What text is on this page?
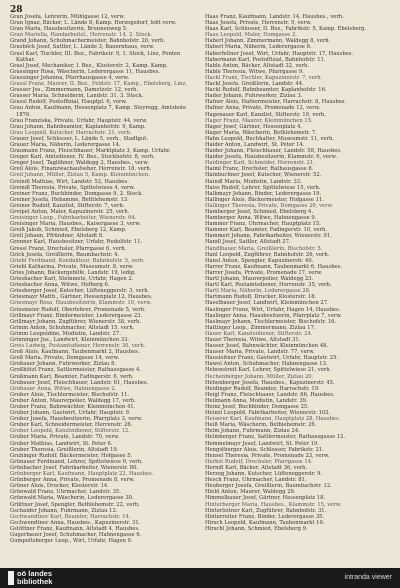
28

Gran Josefa, Lehrerin, Mühlgasse 12, verw.

Gran Ignaz, Bäcker, L. Lände 8, Kamp. Herzogsdorf, lebt verw.

Gran Maria, Hausbesitzerin, Brunnenweg 5.

Gran Mariella, Handarbeitsl., Herrenstr. 14, 2. Stock.

Grand Johann, Schuhmachermeister, Bahnhofstr. 20, verh.

Grasböck Josef, Sattler, L. Lände 3, Bauernhaus, verw.

Grasl Karl, Tischler, III. Bez., Fabrikstr. 9, 1. Stock, Linz, Ponten Kathar.

Grasl Josef, Mechaniker, I. Bez., Klosterstr. 2, Kamp. Kamp.

Grassinger Rosa, Wäscherin, Lederergasse 11, Hausbes.

Grassinger Johanna, Pfarrhausgasse 4, verw.

Grassl Franz, Maurer, II. Bez., Feldstr. 17, Kamp., Ebelsberg, Linz.

Grasser Jos., Zimmermann, Dametzstr. 12, verh.

Grasser Maria, Schneiderin, Landstr. 31, 3. Stock.

Grassl Rudolf, Postoffizial, Hauptpl. 6, verw.

Grau Anton, Kaufmann, Hessenplatz 7, Kamp. Steyregg, Amtsbote 1876.

Grau Franziska, Private, Urfahr, Hauptstr. 44, verw.

Grau Johann, Bahnbeamter, Kaplanhofstr. 9, Kamp.

Grau Leopold, Kutscher, Harrachstr. 21, verh.

Grauer Josef, Schlosser, L. Lände 5, verh., Stadtgut.

Grauer Maria, Näherin, Lederergasse 14.

Graumann Franz, Fleischhauer, Marktplatz 3, Kamp. Urfahr.

Greger Karl, Amtsdiener, IV. Bez., Stockhofstr. 8, verh.

Greger Josef, Taglöhner, Waldegg 2, Hausbes., verw.

Greil Alois, Finanzwachaufseher, Herrenstr. 18, verh.

Greil Johann, Müller, Zizlau 5, Kamp. Kleinmünchen.

Greindl Mathias, Wirt, Landstr. 52, Hausbes.

Greindl Theresia, Private, Spittelwiese 4, verw.

Greiner Franz, Buchbinder, Domgasse 9, 2. Stock.

Greiner Josefa, Hebamme, Bethlehemstr. 13.

Greiner Rudolf, Kanzlist, Stifterstr. 7, verh.

Greipel Anton, Maler, Kapuzinerstr. 25, verh.

Greisinger Leop., Fabrikarbeiter, Wienerstr. 64.

Greisinger Maria, Hausbes., Kaisergasse 3, verw.

Greiß Jakob, Schmied, Ebelsberg 12, Kamp.

Grell Johann, Pfründner, Altstadt 8.

Grenner Karl, Hausbesitzer, Urfahr, Rudolfstr. 11.

Gressl Franz, Drechsler, Pfarrgasse 6, verh.

Grick Josefa, Greißlerin, Baumbachstr. 4.

Griebl Ferdinand, Kondukteur, Bahnhofstr. 5, verh.

Griebl Katharina, Private, Museumstr. 8, verw.

Gries Johann, Bäckergehilfe, Landstr. 19, ledig.

Griesbacher Karl, Steinmetz, Urfahr, Hagen 2.

Griesbacher Anna, Witwe, Hofberg 6.

Griesberger Josef, Kutscher, Lüfteneggerstr. 3, verh.

Griesmayr Matth., Gärtner, Hessenplatz 12, Hausbes.

Griesmayr Rosa, Hausbesitzerin, Klammstr. 10, verw.

Griesmeier Rudolf, Oberlehrer, Promenade 5, verh.

Grillmayr Franz, Bindermeister, Lederergasse 23.

Grillmayr Johann, Zugführer, Wienerstr. 38, verh.

Grimm Anton, Schuhmacher, Altstadt 15, verh.

Grimm Leopoldine, Modistin, Landstr. 27.

Grinninger Jos., Landwirt, Kleinmünchen 33.

Grois Ludwig, Postamtsdiener, Herrenstr. 30, verh.

Groß Alois, Kaufmann, Taubenmarkt 2, Hausbes.

Groß Maria, Private, Domgasse 14, verw.

Großauer Johann, Fuhrwerker, Zizlau 8.

Großbötzl Franz, Sattlermeister, Rathausgasse 4.

Großmann Karl, Beamter, Fadingerstr. 6, verh.

Grubauer Josef, Fleischhauer, Landstr. 61, Hausbes.

Grubauer Anna, Witwe, Hahnengasse 2.

Gruber Alois, Tischlermeister, Bischofstr. 11.

Gruber Anton, Maurerpolier, Waldegg 17, verh.

Gruber Franz, Bahnwächter, Kleinmünchen 41.

Gruber Johann, Gastwirt, Urfahr, Hauptstr. 9.

Gruber Josefa, Hausbesitzerin, Pfarrplatz 3, verw.

Gruber Karl, Schneidermeister, Herrenstr. 26.

Gruber Leopold, Kanzleidiener, Stifterstr. 12.

Gruber Maria, Private, Landstr. 70, verw.

Gruber Mathias, Landwirt, St. Peter 6.

Gruber Theresia, Greißlerin, Altstadt 19.

Grubinger Rudolf, Bäckermeister, Hofgasse 5.

Grünauer Ferdinand, Lehrer, Spittelwiese 9, verh.

Grünbacher Josef, Fabrikarbeiter, Wienerstr. 80.

Grünberger Karl, Kaufmann, Hauptplatz 22, Hausbes.

Grünberger Anna, Private, Promenade 8, verw.

Grüner Alois, Drucker, Klosterstr. 14.

Grünwald Franz, Uhrmacher, Landstr. 35.

Grünwald Maria, Wäscherin, Lederergasse 30.

Grüttner Josef, Spengler, Bethlehemstr. 22, verh.

Gschaider Johann, Fuhrmann, Zizlau 12.

Gschwandtner Karl, Beamter, Harrachstr. 14.

Gschwendtner Anna, Hausbes., Kapuzinerstr. 31.

Gstöttner Franz, Kaufmann, Altstadt 4, Hausbes.

Gugerbauer Josef, Schuhmacher, Hahnengasse 6.

Gumpoltsberger Leop., Wirt, Urfahr, Hagen 9.

Haas Franz, Kaufmann, Landstr. 14, Hausbes., verh.

Haas Josefa, Private, Herrenstr. 9, verw.

Haas Karl, Schlosser, II. Bez., Fabrikstr. 5, Kamp. Ebelsberg.

Haas Leopold, Maler, Domgasse 2.

Haberl Johann, Zimmermann, Waldegg 8, verh.

Haberl Maria, Näherin, Lederergasse 6.

Haberfellner Josef, Wirt, Urfahr, Hauptstr. 17, Hausbes.

Habermann Karl, Postoffizial, Bahnhofstr. 11.

Hable Anton, Bäcker, Altstadt 22, verh.

Hable Theresia, Witwe, Pfarrgasse 9.

Hackl Franz, Tischler, Kapuzinerstr. 7, verh.

Hackl Josefa, Greißlerin, Landstr. 44.

Hackl Rudolf, Bahnbeamter, Kaplanhofstr. 16.

Hader Johann, Fuhrwerker, Zizlau 3.

Hafner Alois, Hafnermeister, Harrachstr. 8, Hausbes.

Hafner Anna, Private, Promenade 12, verw.

Hagenauer Karl, Kanzlist, Stifterstr. 19, verh.

Hager Franz, Maurer, Kleinmünchen 15.

Hager Josef, Gärtner, Hessenplatz 4.

Hager Maria, Wäscherin, Bethlehemstr. 7.

Hahn Leopold, Buchhalter, Museumstr. 11, verh.

Haider Anton, Landwirt, St. Peter 14.

Haider Johann, Fleischhauer, Landstr. 58, Hausbes.

Haider Josefa, Hausbesitzerin, Klammstr. 6, verw.

Haidinger Karl, Schneider, Herrenstr. 21.

Haiml Franz, Drechsler, Rathausgasse 8.

Hainbuchner Josef, Kutscher, Wienerstr. 52.

Haindl Maria, Modistin, Landstr. 33.

Haiss Rudolf, Lehrer, Spittelwiese 15, verh.

Halbmayr Johann, Binder, Lederergasse 19.

Hallinger Alois, Bäckermeister, Hofgasse 11.

Hallinger Theresia, Private, Domgasse 20, verw.

Hamberger Josef, Schmied, Ebelsberg 4.

Hamberger Anna, Witwe, Hahnengasse 9.

Hammer Franz, Uhrmacher, Hauptplatz 15.

Hammer Karl, Beamter, Fadingerstr. 10, verh.

Hammerl Johann, Fabrikarbeiter, Wienerstr. 91.

Handl Josef, Sattler, Altstadt 27.

Handlbauer Maria, Greißlerin, Bischofstr. 5.

Hanl Leopold, Zugführer, Bahnhofstr. 26, verh.

Hansl Anton, Spengler, Kapuzinerstr. 40.

Harrer Franz, Kaufmann, Taubenmarkt 6, Hausbes.

Harrer Josefa, Private, Promenade 17, verw.

Hartl Johann, Maurerpolier, Waldegg 23.

Hartl Karl, Postamtsdiener, Herrenstr. 35, verh.

Hartl Maria, Näherin, Lederergasse 28.

Hartmann Rudolf, Drucker, Klosterstr. 18.

Haselbauer Josef, Landwirt, Kleinmünchen 27.

Haslinger Franz, Wirt, Urfahr, Hagen 14, Hausbes.

Haslinger Anna, Hausbesitzerin, Pfarrplatz 7, verw.

Haslmayr Johann, Tischlermeister, Bischofstr. 16.

Hattinger Leop., Zimmermann, Zizlau 17.

Hauer Karl, Kanzleidiener, Stifterstr. 24.

Hauer Theresia, Witwe, Altstadt 31.

Hauser Josef, Bahnwächter, Kleinmünchen 48.

Hauser Maria, Private, Landstr. 77, verw.

Hausleitner Franz, Gastwirt, Urfahr, Hauptstr. 25.

Hawel Anton, Schuhmacher, Hahnengasse 13.

Hebenstreit Karl, Lehrer, Spittelwiese 21, verh.

Hechenberger Johann, Müller, Zizlau 20.

Hehenberger Josefa, Hausbes., Kapuzinerstr. 45.

Heidinger Rudolf, Beamter, Harrachstr. 19.

Heigl Franz, Fleischhauer, Landstr. 66, Hausbes.

Heilmann Anna, Modistin, Landstr. 39.

Heinz Josef, Buchbinder, Domgasse 25.

Heinzl Leopold, Fabrikarbeiter, Wienerstr. 102.

Heiserer Karl, Kaufmann, Hauptplatz 28, Hausbes.

Heiß Maria, Wäscherin, Bethlehemstr. 26.

Helm Johann, Fuhrmann, Zizlau 24.

Helmberger Franz, Sattlermeister, Rathausgasse 12.

Hemmelmayr Josef, Landwirt, St. Peter 19.

Hengstberger Alois, Schlosser, Fabrikstr. 21.

Hensel Theresia, Private, Promenade 23, verw.

Herbst Rudolf, Drechsler, Pfarrgasse 14.

Herndl Karl, Bäcker, Altstadt 36, verh.

Herzog Johann, Kutscher, Lüfteneggerstr. 9.

Hesch Franz, Uhrmacher, Landstr. 81.

Heuberger Josefa, Greißlerin, Baumbachstr. 12.

Hiebl Anton, Maurer, Waldegg 29.

Himmelbauer Josef, Gärtner, Hessenplatz 18.

Hinterberger Maria, Hausbes., Klammstr. 15, verw.

Hinterleitner Karl, Zugführer, Bahnhofstr. 31.

Hinterreiter Franz, Binder, Lederergasse 35.

Hirsch Leopold, Kaufmann, Taubenmarkt 10.

Hirschl Johann, Schmied, Ebelsberg 9.

oö landes
bibliothek	intranda viewer
